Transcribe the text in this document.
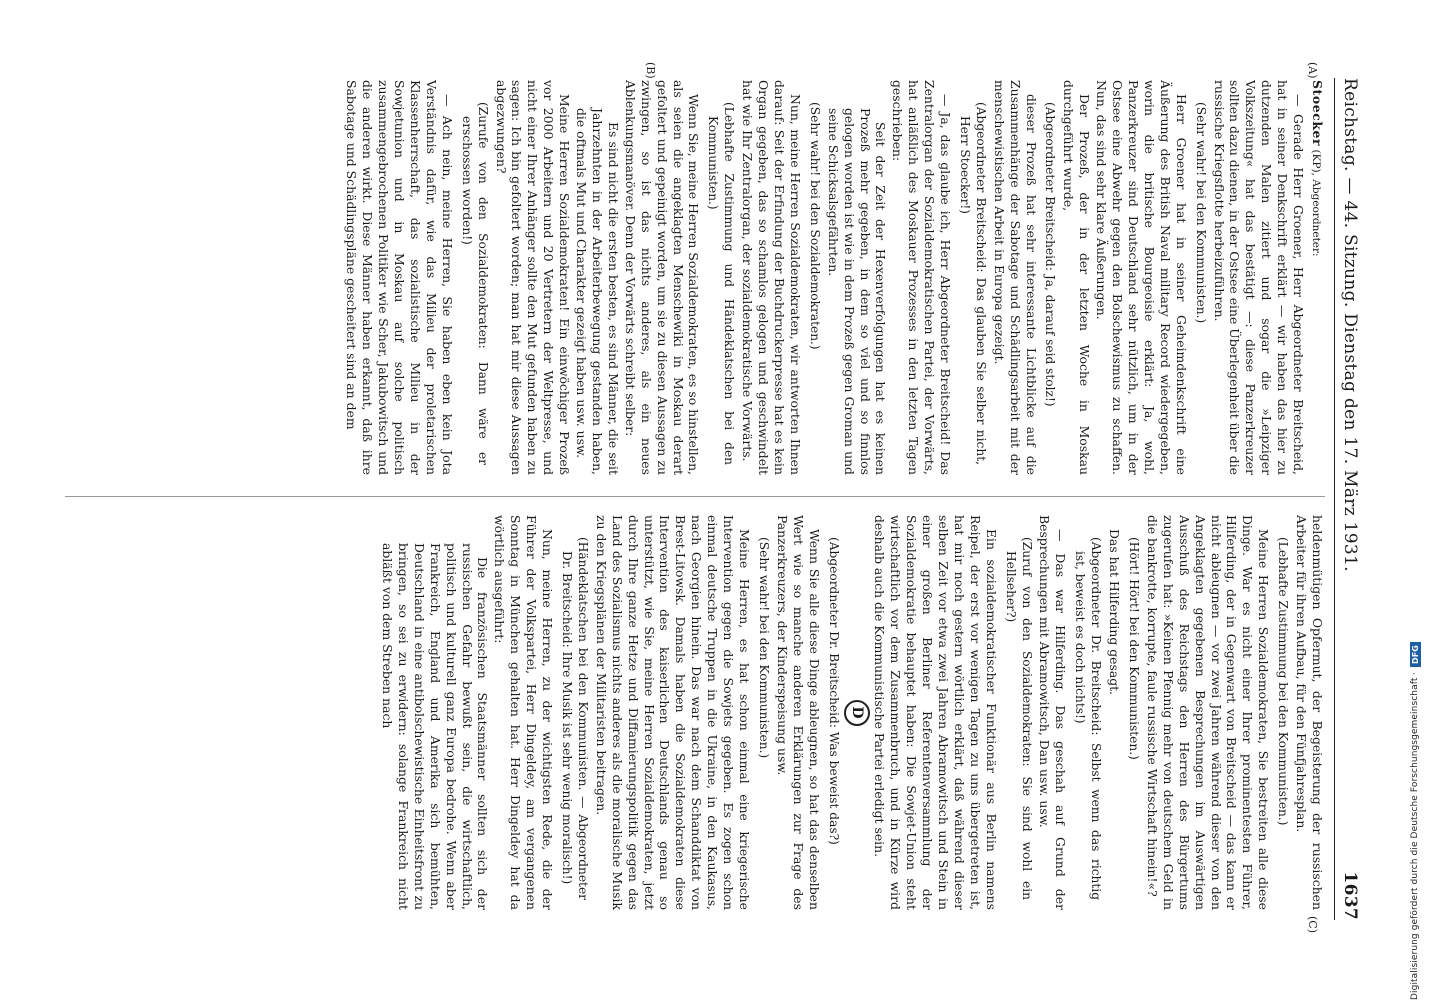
Reichstag. — 44. Sitzung. Dienstag den 17. März 1931.
1637
(A)
(B)
(C)

Stoecker (KP), Abgeordneter:

— Gerade Herr Groener, Herr Abgeordneter Breitscheid, hat in seiner Denkschrift erklärt — wir haben das hier zu dutzenden Malen zitiert und sogar die »Leipziger Volkszeitung« hat das bestätigt —: diese Panzerkreuzer sollten dazu dienen, in der Ostsee eine Überlegenheit über die russische Kriegsflotte herbeizuführen.

(Sehr wahr! bei den Kommunisten.)

Herr Groener hat in seiner Geheimdenkschrift eine Äußerung des British Naval military Record wiedergegeben, worin die britische Bourgeoisie erklärt: Ja, wohl, Panzerkreuzer sind Deutschland sehr nützlich, um in der Ostsee eine Abwehr gegen den Bolschewismus zu schaffen. Nun, das sind sehr klare Äußerungen.

Der Prozeß, der in der letzten Woche in Moskau durchgeführt wurde,

(Abgeordneter Breitscheid: Ja, darauf seid stolz!)

dieser Prozeß hat sehr interessante Lichtblicke auf die Zusammenhänge der Sabotage und Schädlingsarbeit mit der menschewistischen Arbeit in Europa gezeigt.

(Abgeordneter Breitscheid: Das glauben Sie selber nicht, Herr Stoecker!)

— Ja, das glaube ich, Herr Abgeordneter Breitscheid! Das Zentralorgan der Sozialdemokratischen Partei, der Vorwärts, hat anläßlich des Moskauer Prozesses in den letzten Tagen geschrieben:

Seit der Zeit der Hexenverfolgungen hat es keinen Prozeß mehr gegeben, in dem so viel und so finnlos gelogen worden ist wie in dem Prozeß gegen Groman und seine Schicksalsgefährten.

(Sehr wahr! bei den Sozialdemokraten.)

Nun, meine Herren Sozialdemokraten, wir antworten Ihnen darauf: Seit der Erfindung der Buchdruckerpresse hat es kein Organ gegeben, das so schamlos gelogen und geschwindelt hat wie Ihr Zentralorgan, der sozialdemokratische Vorwärts.

(Lebhafte Zustimmung und Händeklatschen bei den Kommunisten.)

Wenn Sie, meine Herren Sozialdemokraten, es so hinstellen, als seien die angeklagten Menschewiki in Moskau derart gefoltert und gepeinigt worden, um sie zu diesen Aussagen zu zwingen, so ist das nichts anderes, als ein neues Ablenkungsmanöver. Denn der Vorwärts schreibt selber:

Es sind nicht die ersten besten, es sind Männer, die seit Jahrzehnten in der Arbeiterbewegung gestanden haben, die oftmals Mut und Charakter gezeigt haben usw. usw.

Meine Herren Sozialdemokraten! Ein einwöchiger Prozeß vor 2000 Arbeitern und 20 Vertretern der Weltpresse, und nicht einer Ihrer Anhänger sollte den Mut gefunden haben zu sagen: Ich bin gefoltert worden; man hat mir diese Aussagen abgezwungen?

(Zurufe von den Sozialdemokraten: Dann wäre er erschossen worden!)

— Ach nein, meine Herren, Sie haben eben kein Jota Verständnis dafür, wie das Milieu der proletarischen Klassenherrschaft, das sozialistische Milieu in der Sowjetunion und in Moskau auf solche politisch zusammengebrochenen Politiker wie Scher, Jakubowitsch und die anderen wirkt. Diese Männer haben erkannt, daß ihre Sabotage und Schädlingspläne gescheitert sind an dem

heldenmütigen Opfermut, der Begeisterung der russischen Arbeiter für ihren Aufbau, für den Fünfjahresplan.

(Lebhafte Zustimmung bei den Kommunisten.)

Meine Herren Sozialdemokraten, Sie bestreiten alle diese Dinge. War es nicht einer Ihrer prominentesten Führer, Hilferding, der in Gegenwart von Breitscheid — das kann er nicht ableugnen — vor zwei Jahren während dieser von den Angeklagten gegebenen Besprechungen im Auswärtigen Ausschuß des Reichstags den Herren des Bürgertums zugerufen hat: »Keinen Pfennig mehr von deutschem Geld in die bankrotte, korrupte, faule russische Wirtschaft hinein!«?

(Hört! Hört! bei den Kommunisten.)

Das hat Hilferding gesagt.

(Abgeordneter Dr. Breitscheid: Selbst wenn das richtig ist, beweist es doch nichts!)

— Das war Hilferding. Das geschah auf Grund der Besprechungen mit Abramowitsch, Dan usw. usw.

(Zuruf von den Sozialdemokraten: Sie sind wohl ein Hellseher?)

Ein sozialdemokratischer Funktionär aus Berlin namens Reipel, der erst vor wenigen Tagen zu uns übergetreten ist, hat mir noch gestern wörtlich erklärt, daß während dieser selben Zeit vor etwa zwei Jahren Abramowitsch und Stein in einer großen Berliner Referentenversammlung der Sozialdemokratie behauptet haben: Die Sowjet-Union steht wirtschaftlich vor dem Zusammenbruch, und in Kürze wird deshalb auch die Kommunistische Partei erledigt sein.

D

(Abgeordneter Dr. Breitscheid: Was beweist das?)

Wenn Sie alle diese Dinge ableugnen, so hat das denselben Wert wie so manche anderen Erklärungen zur Frage des Panzerkreuzers, der Kinderspeisung usw.

(Sehr wahr! bei den Kommunisten.)

Meine Herren, es hat schon einmal eine kriegerische Intervention gegen die Sowjets gegeben. Es zogen schon einmal deutsche Truppen in die Ukraine, in den Kaukasus, nach Georgien hinein. Das war nach dem Schanddiktat von Brest-Litowsk. Damals haben die Sozialdemokraten diese Intervention des kaiserlichen Deutschlands genau so unterstützt, wie Sie, meine Herren Sozialdemokraten, jetzt durch Ihre ganze Hetze und Diffamierungspolitik gegen das Land des Sozialismus nichts anderes als die moralische Musik zu den Kriegsplänen der Militaristen beitragen.

(Händeklatschen bei den Kommunisten. — Abgeordneter Dr. Breitscheid: Ihre Musik ist sehr wenig moralisch!)

Nun, meine Herren, zu der wichtigsten Rede, die der Führer der Volkspartei, Herr Dingeldey, am vergangenen Sonntag in München gehalten hat. Herr Dingeldey hat da wörtlich ausgeführt:

Die französischen Staatsmänner sollten sich der russischen Gefahr bewußt sein, die wirtschaftlich, politisch und kulturell ganz Europa bedrohe. Wenn aber Frankreich, England und Amerika sich bemühten, Deutschland in eine antibolschewistische Einheitsfront zu bringen, so sei zu erwidern: solange Frankreich nicht abläßt von dem Streben nach

Digitalisierung gefördert durch die Deutsche Forschungsgemeinschaft
·
DFG
